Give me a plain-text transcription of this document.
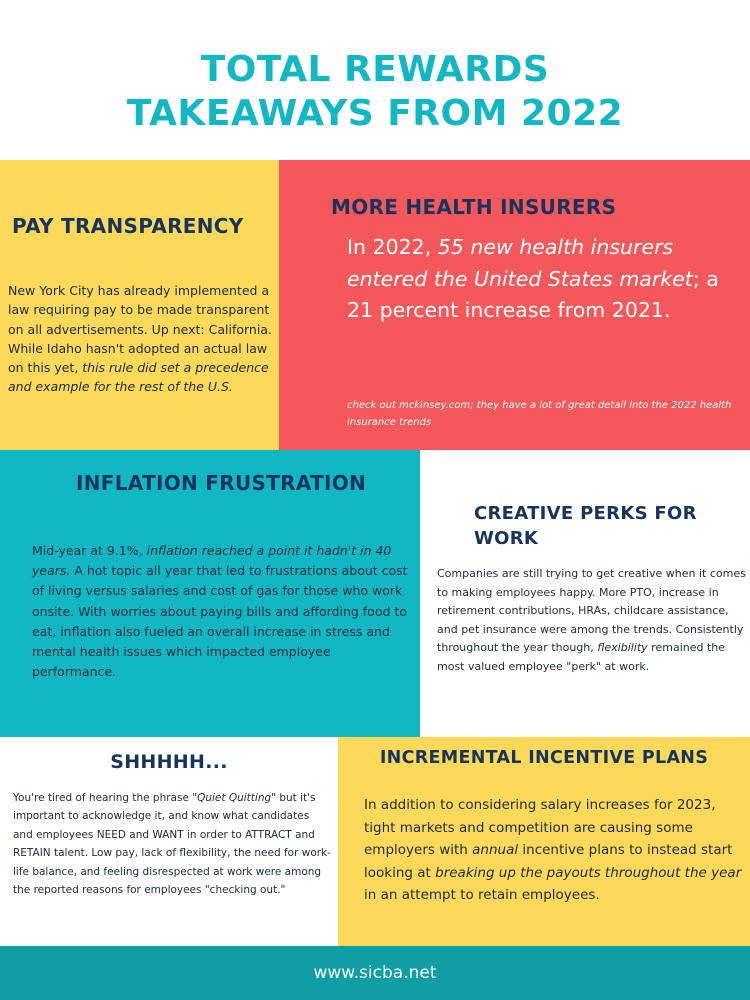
TOTAL REWARDS
TAKEAWAYS FROM 2022
PAY TRANSPARENCY
New York City has already implemented a law requiring pay to be made transparent on all advertisements. Up next: California. While Idaho hasn't adopted an actual law on this yet, this rule did set a precedence and example for the rest of the U.S.
MORE HEALTH INSURERS
In 2022, 55 new health insurers entered the United States market; a 21 percent increase from 2021.
check out mckinsey.com; they have a lot of great detail into the 2022 health insurance trends
INFLATION FRUSTRATION
Mid-year at 9.1%, inflation reached a point it hadn't in 40 years. A hot topic all year that led to frustrations about cost of living versus salaries and cost of gas for those who work onsite. With worries about paying bills and affording food to eat, inflation also fueled an overall increase in stress and mental health issues which impacted employee performance.
CREATIVE PERKS FOR WORK
Companies are still trying to get creative when it comes to making employees happy. More PTO, increase in retirement contributions, HRAs, childcare assistance, and pet insurance were among the trends. Consistently throughout the year though, flexibility remained the most valued employee "perk" at work.
SHHHHH...
You're tired of hearing the phrase "Quiet Quitting" but it's important to acknowledge it, and know what candidates and employees NEED and WANT in order to ATTRACT and RETAIN talent. Low pay, lack of flexibility, the need for work-life balance, and feeling disrespected at work were among the reported reasons for employees "checking out."
INCREMENTAL INCENTIVE PLANS
In addition to considering salary increases for 2023, tight markets and competition are causing some employers with annual incentive plans to instead start looking at breaking up the payouts throughout the year in an attempt to retain employees.
www.sicba.net
